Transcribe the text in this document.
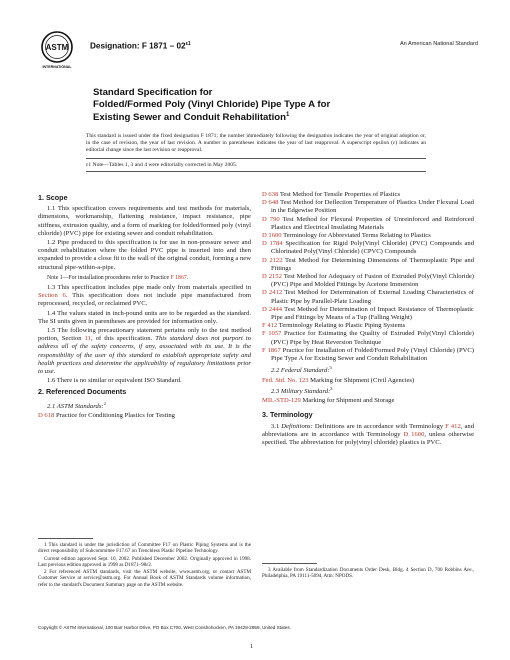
ASTM
INTERNATIONAL
Designation: F $1871 - 02^{\varepsilon 1}$	An American National Standard
Standard Specification for
Folded/Formed Poly (Vinyl Chloride) Pipe Type A for
Existing Sewer and Conduit Rehabilitation$^1$
This standard is issued under the fixed designation F 1871; the number immediately following the designation indicates the year of original adoption or, in the case of revision, the year of last revision. A number in parentheses indicates the year of last reapproval. A superscript epsilon (ε) indicates an editorial change since the last revision or reapproval.
ε1 Note—Tables 1, 3 and 4 were editorially corrected in May 2005.
1. Scope
1.1 This specification covers requirements and test methods for materials, dimensions, workmanship, flattening resistance, impact resistance, pipe stiffness, extrusion quality, and a form of marking for folded/formed poly (vinyl chloride) (PVC) pipe for existing sewer and conduit rehabilitation.
1.2 Pipe produced to this specification is for use in non-pressure sewer and conduit rehabilitation where the folded PVC pipe is inserted into and then expanded to provide a close fit to the wall of the original conduit, forming a new structural pipe-within-a-pipe.
Note 1—For installation procedures refer to Practice F 1867.
1.3 This specification includes pipe made only from materials specified in Section 6. This specification does not include pipe manufactured from reprocessed, recycled, or reclaimed PVC.
1.4 The values stated in inch-pound units are to be regarded as the standard. The SI units given in parentheses are provided for information only.
1.5 The following precautionary statement pertains only to the test method portion, Section 11, of this specification. This standard does not purport to address all of the safety concerns, if any, associated with its use. It is the responsibility of the user of this standard to establish appropriate safety and health practices and determine the applicability of regulatory limitations prior to use.
1.6 There is no similar or equivalent ISO Standard.
2. Referenced Documents
2.1 ASTM Standards:$^2$
D 618 Practice for Conditioning Plastics for Testing
D 638 Test Method for Tensile Properties of Plastics
D 648 Test Method for Deflection Temperature of Plastics Under Flexural Load in the Edgewise Position
D 790 Test Method for Flexural Properties of Unreinforced and Reinforced Plastics and Electrical Insulating Materials
D 1600 Terminology for Abbreviated Terms Relating to Plastics
D 1784 Specification for Rigid Poly(Vinyl Chloride) (PVC) Compounds and Chlorinated Poly(Vinyl Chloride) (CPVC) Compounds
D 2122 Test Method for Determining Dimensions of Thermoplastic Pipe and Fittings
D 2152 Test Method for Adequacy of Fusion of Extruded Poly(Vinyl Chloride) (PVC) Pipe and Molded Fittings by Acetone Immersion
D 2412 Test Method for Determination of External Loading Characteristics of Plastic Pipe by Parallel-Plate Loading
D 2444 Test Method for Determination of Impact Resistance of Thermoplastic Pipe and Fittings by Means of a Tup (Falling Weight)
F 412 Terminology Relating to Plastic Piping Systems
F 1057 Practice for Estimating the Quality of Extruded Poly(Vinyl Chloride) (PVC) Pipe by Heat Reversion Technique
F 1867 Practice for Installation of Folded/Formed Poly (Vinyl Chloride) (PVC) Pipe Type A for Existing Sewer and Conduit Rehabilitation
2.2 Federal Standard:$^3$
Fed. Std. No. 123 Marking for Shipment (Civil Agencies)
2.3 Military Standard:$^3$
MIL-STD-129 Marking for Shipment and Storage
3. Terminology
3.1 Definitions: Definitions are in accordance with Terminology F 412, and abbreviations are in accordance with Terminology D 1600, unless otherwise specified. The abbreviation for poly(vinyl chloride) plastics is PVC.
1 This standard is under the jurisdiction of Committee F17 on Plastic Piping Systems and is the direct responsibility of Subcommittee F17.67 on Trenchless Plastic Pipeline Technology.
Current edition approved Sept. 10, 2002. Published December 2002. Originally approved in 1998. Last previous edition approved in 1998 as D1871–98ε2.
2 For referenced ASTM standards, visit the ASTM website, www.astm.org, or contact ASTM Customer Service at service@astm.org. For Annual Book of ASTM Standards volume information, refer to the standard's Document Summary page on the ASTM website.
3 Available from Standardization Documents Order Desk, Bldg. 4 Section D, 700 Robbins Ave., Philadelphia, PA 19111-5094, Attn: NPODS.
Copyright © ASTM International, 100 Barr Harbor Drive, PO Box C700, West Conshohocken, PA 19428-2959, United States.
1
